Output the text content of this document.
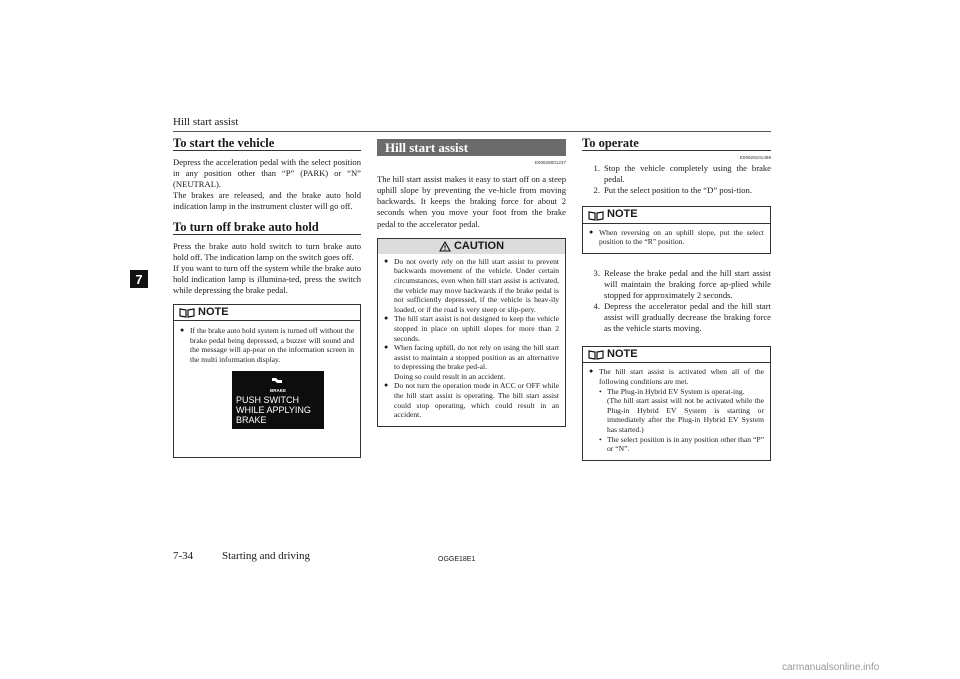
Hill start assist
7
To start the vehicle

Depress the acceleration pedal with the select position in any position other than “P” (PARK) or “N” (NEUTRAL).

The brakes are released, and the brake auto hold indication lamp in the instrument cluster will go off.

To turn off brake auto hold

Press the brake auto hold switch to turn brake auto hold off. The indication lamp on the switch goes off.

If you want to turn off the system while the brake auto hold indication lamp is illumina-ted, press the switch while depressing the brake pedal.

NOTE
● If the brake auto hold system is turned off without the brake pedal being depressed, a buzzer will sound and the message will ap-pear on the information screen in the multi information display.
BRAKE
PUSH SWITCH
WHILE APPLYING
BRAKE
Hill start assist
E00628001237

The hill start assist makes it easy to start off on a steep uphill slope by preventing the ve-hicle from moving backwards. It keeps the braking force for about 2 seconds when you move your foot from the brake pedal to the accelerator pedal.

CAUTION
● Do not overly rely on the hill start assist to prevent backwards movement of the vehicle. Under certain circumstances, even when hill start assist is activated, the vehicle may move backwards if the brake pedal is not sufficiently depressed, if the vehicle is heav-ily loaded, or if the road is very steep or slip-pery.
● The hill start assist is not designed to keep the vehicle stopped in place on uphill slopes for more than 2 seconds.
● When facing uphill, do not rely on using the hill start assist to maintain a stopped position as an alternative to depressing the brake ped-al.
Doing so could result in an accident.
● Do not turn the operation mode in ACC or OFF while the hill start assist is operating. The hill start assist could stop operating, which could result in an accident.
To operate
E00628101498
1. Stop the vehicle completely using the brake pedal.
2. Put the select position to the “D” posi-tion.
NOTE
● When reversing on an uphill slope, put the select position to the “R” position.
3. Release the brake pedal and the hill start assist will maintain the braking force ap-plied while stopped for approximately 2 seconds.
4. Depress the accelerator pedal and the hill start assist will gradually decrease the braking force as the vehicle starts moving.
NOTE
● The hill start assist is activated when all of the following conditions are met.
• The Plug-in Hybrid EV System is operat-ing.
(The hill start assist will not be activated while the Plug-in Hybrid EV System is starting or immediately after the Plug-in Hybrid EV System has started.)
• The select position is in any position other than “P” or “N”.
7-34	Starting and driving	OGGE18E1
carmanualsonline.info
